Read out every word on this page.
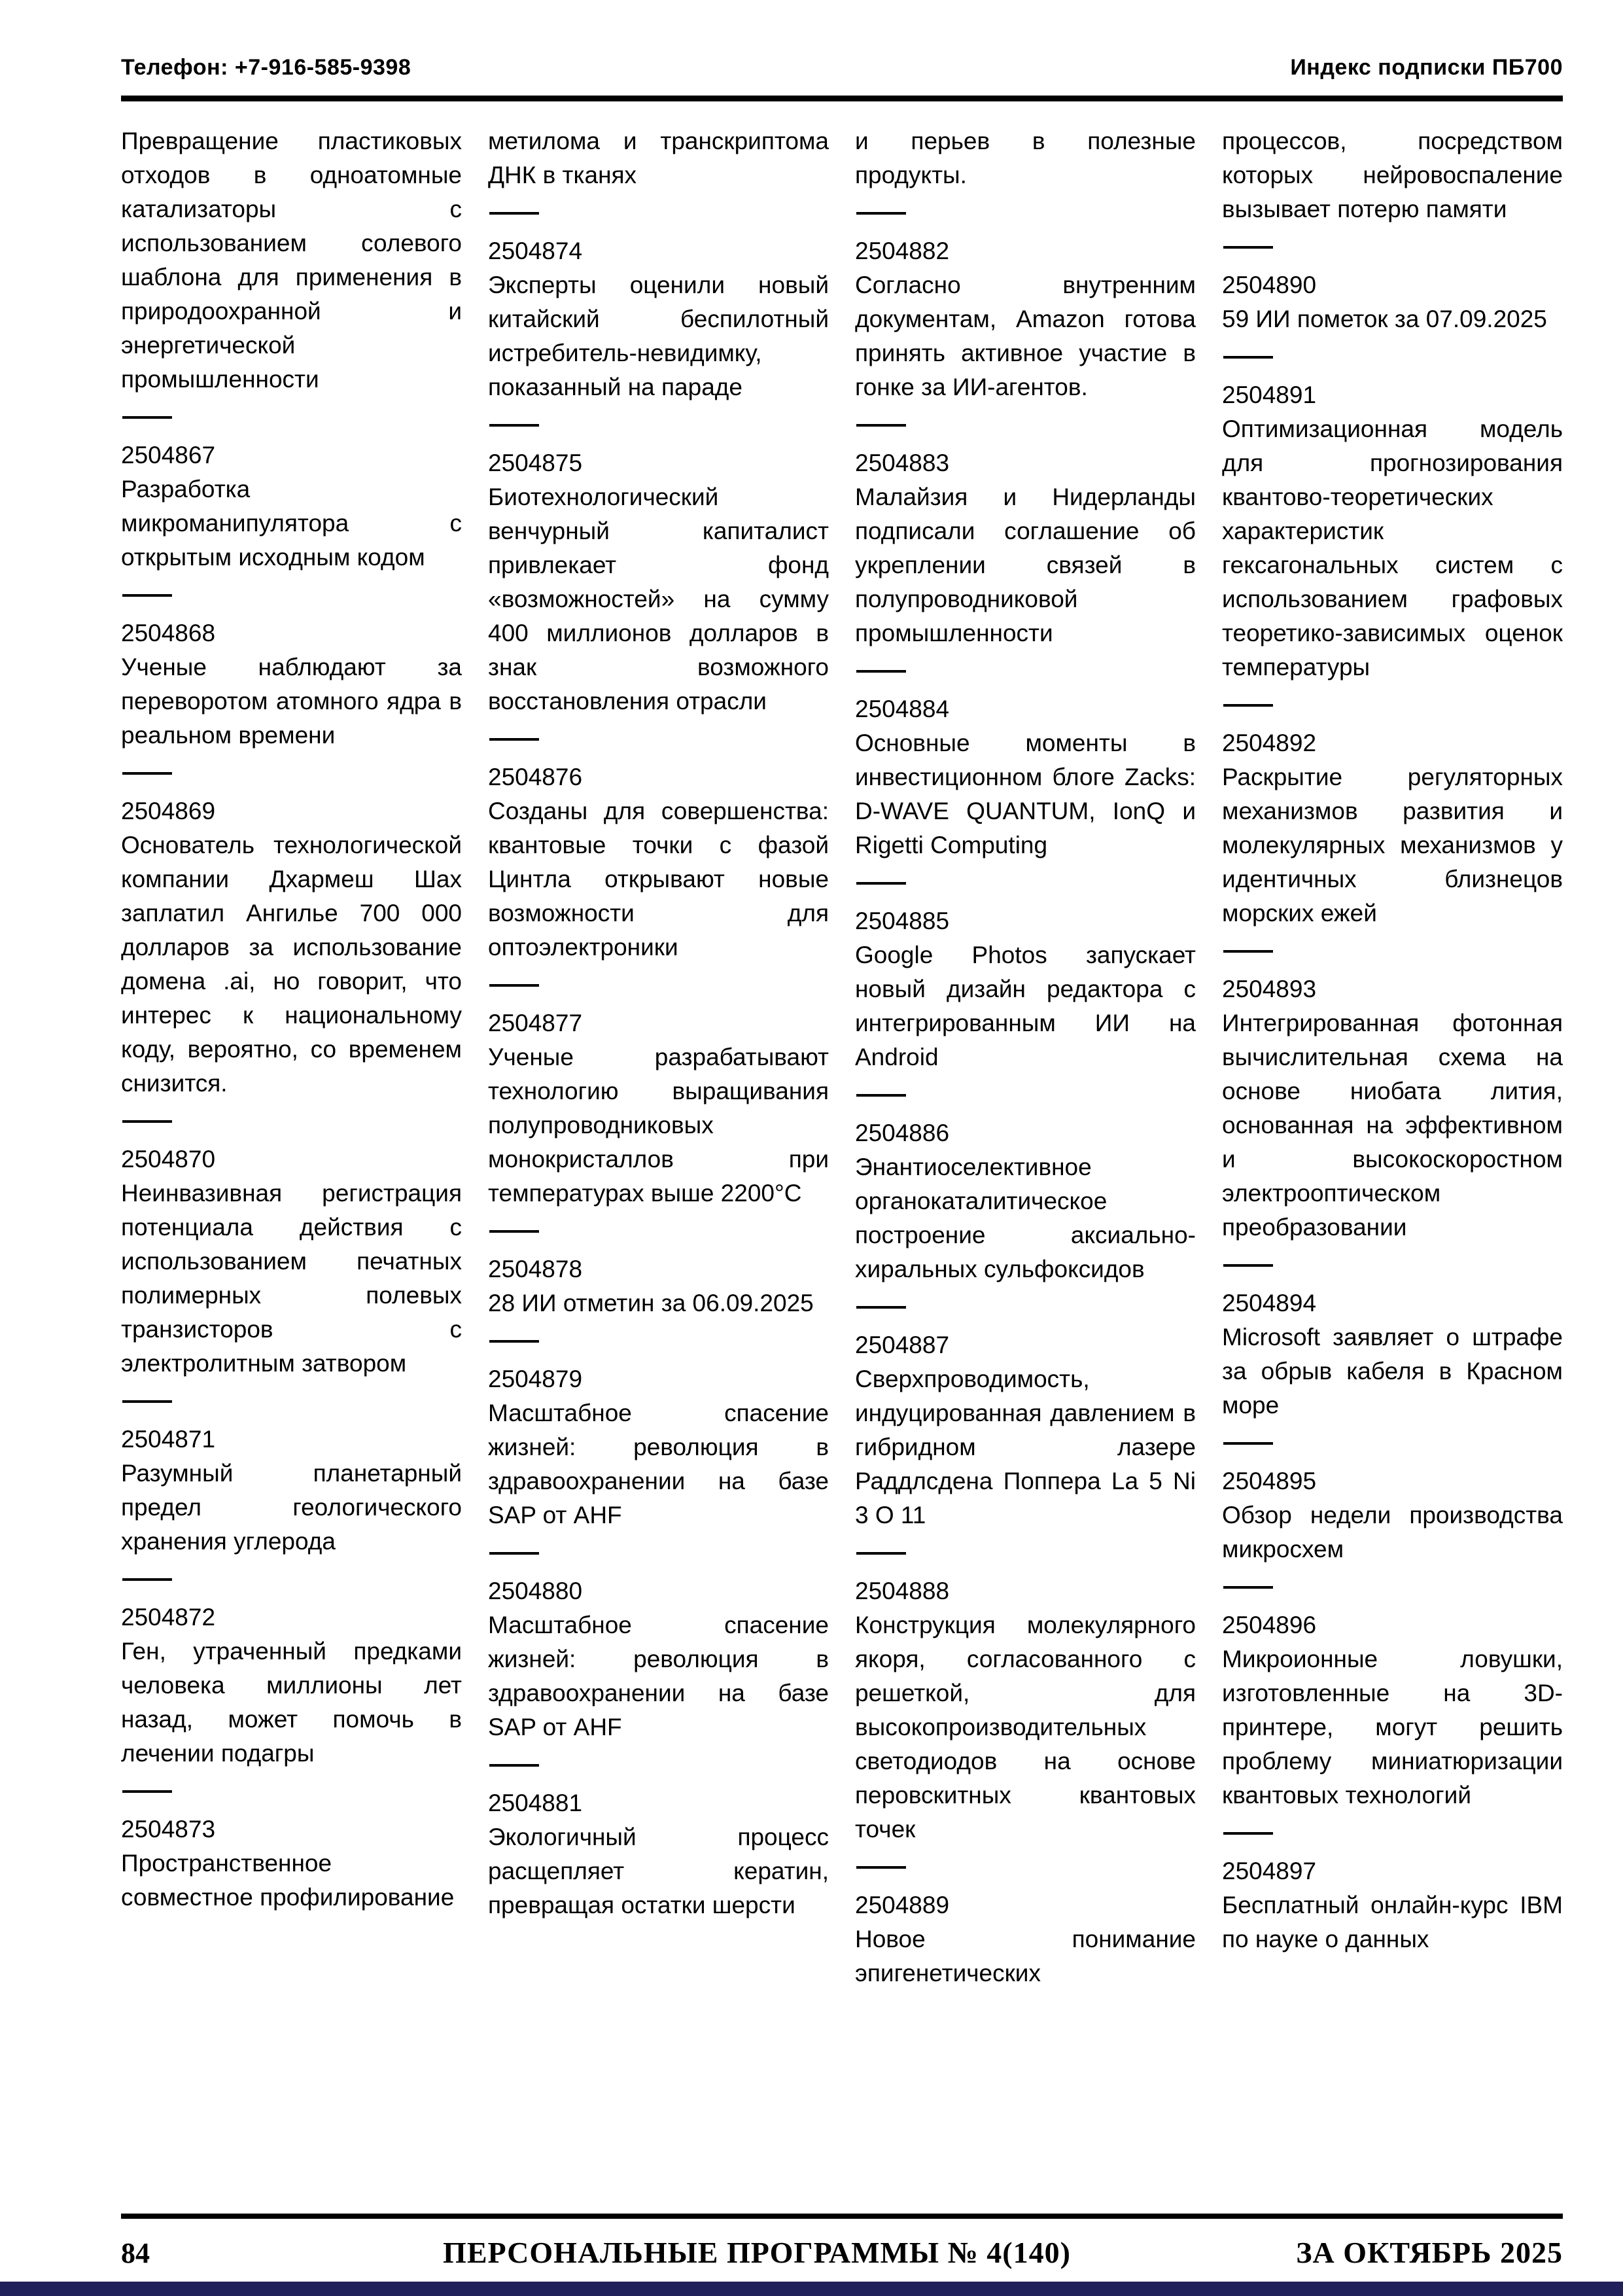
Телефон: +7-916-585-9398	Индекс подписки ПБ700
Превращение пластиковых отходов в одноатомные катализаторы с использованием солевого шаблона для применения в природоохранной и энергетической промышленности
2504867
Разработка микроманипулятора с открытым исходным кодом
2504868
Ученые наблюдают за переворотом атомного ядра в реальном времени
2504869
Основатель технологической компании Дхармеш Шах заплатил Ангилье 700 000 долларов за использование домена .ai, но говорит, что интерес к национальному коду, вероятно, со временем снизится.
2504870
Неинвазивная регистрация потенциала действия с использованием печатных полимерных полевых транзисторов с электролитным затвором
2504871
Разумный планетарный предел геологического хранения углерода
2504872
Ген, утраченный предками человека миллионы лет назад, может помочь в лечении подагры
2504873
Пространственное совместное профилирование
метилома и транскриптома ДНК в тканях
2504874
Эксперты оценили новый китайский беспилотный истребитель-невидимку, показанный на параде
2504875
Биотехнологический венчурный капиталист привлекает фонд «возможностей» на сумму 400 миллионов долларов в знак возможного восстановления отрасли
2504876
Созданы для совершенства: квантовые точки с фазой Цинтла открывают новые возможности для оптоэлектроники
2504877
Ученые разрабатывают технологию выращивания полупроводниковых монокристаллов при температурах выше 2200°C
2504878
28 ИИ отметин за 06.09.2025
2504879
Масштабное спасение жизней: революция в здравоохранении на базе SAP от AHF
2504880
Масштабное спасение жизней: революция в здравоохранении на базе SAP от AHF
2504881
Экологичный процесс расщепляет кератин, превращая остатки шерсти
и перьев в полезные продукты.
2504882
Согласно внутренним документам, Amazon готова принять активное участие в гонке за ИИ-агентов.
2504883
Малайзия и Нидерланды подписали соглашение об укреплении связей в полупроводниковой промышленности
2504884
Основные моменты в инвестиционном блоге Zacks: D-WAVE QUANTUM, IonQ и Rigetti Computing
2504885
Google Photos запускает новый дизайн редактора с интегрированным ИИ на Android
2504886
Энантиоселективное органокаталитическое построение аксиально-хиральных сульфоксидов
2504887
Сверхпроводимость, индуцированная давлением в гибридном лазере Раддлсдена Поппера La 5 Ni 3 O 11
2504888
Конструкция молекулярного якоря, согласованного с решеткой, для высокопроизводительных светодиодов на основе перовскитных квантовых точек
2504889
Новое понимание эпигенетических
процессов, посредством которых нейровоспаление вызывает потерю памяти
2504890
59 ИИ пометок за 07.09.2025
2504891
Оптимизационная модель для прогнозирования квантово-теоретических характеристик гексагональных систем с использованием графовых теоретико-зависимых оценок температуры
2504892
Раскрытие регуляторных механизмов развития и молекулярных механизмов у идентичных близнецов морских ежей
2504893
Интегрированная фотонная вычислительная схема на основе ниобата лития, основанная на эффективном и высокоскоростном электрооптическом преобразовании
2504894
Microsoft заявляет о штрафе за обрыв кабеля в Красном море
2504895
Обзор недели производства микросхем
2504896
Микроионные ловушки, изготовленные на 3D-принтере, могут решить проблему миниатюризации квантовых технологий
2504897
Бесплатный онлайн-курс IBM по науке о данных
84	ПЕРСОНАЛЬНЫЕ ПРОГРАММЫ № 4(140)	ЗА ОКТЯБРЬ 2025
